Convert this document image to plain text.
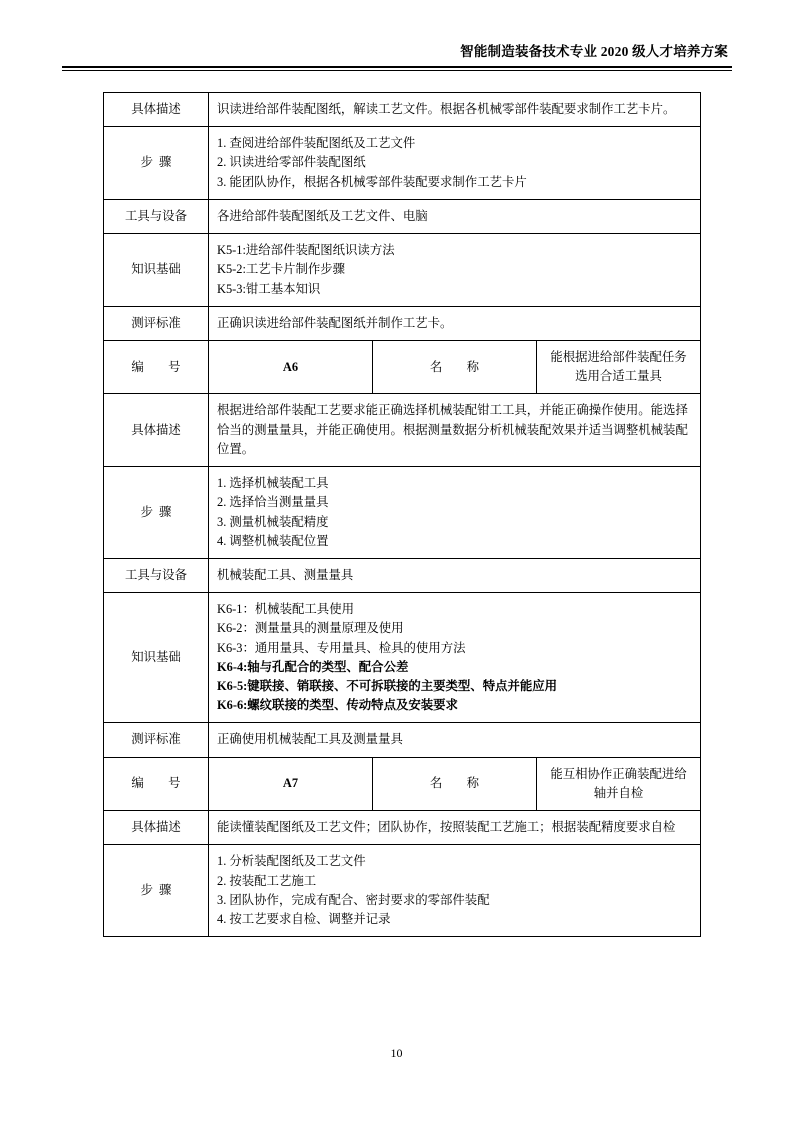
智能制造装备技术专业 2020 级人才培养方案
具体描述	识读进给部件装配图纸，解读工艺文件。根据各机械零部件装配要求制作工艺卡片。		

步骤	1. 查阅进给部件装配图纸及工艺文件
2. 识读进给零部件装配图纸
3. 能团队协作，根据各机械零部件装配要求制作工艺卡片		

工具与设备	各进给部件装配图纸及工艺文件、电脑		

知识基础	K5-1:进给部件装配图纸识读方法
K5-2:工艺卡片制作步骤
K5-3:钳工基本知识		

测评标准	正确识读进给部件装配图纸并制作工艺卡。		

编　号	A6	名　称	能根据进给部件装配任务选用合适工量具
具体描述	根据进给部件装配工艺要求能正确选择机械装配钳工工具，并能正确操作使用。能选择恰当的测量量具，并能正确使用。根据测量数据分析机械装配效果并适当调整机械装配位置。		

步骤	1. 选择机械装配工具
2. 选择恰当测量量具
3. 测量机械装配精度
4. 调整机械装配位置		

工具与设备	机械装配工具、测量量具		

知识基础	
K6-1：机械装配工具使用
K6-2：测量量具的测量原理及使用
K6-3：通用量具、专用量具、检具的使用方法
K6-4:轴与孔配合的类型、配合公差
K6-5:键联接、销联接、不可拆联接的主要类型、特点并能应用
K6-6:螺纹联接的类型、传动特点及安装要求

测评标准	正确使用机械装配工具及测量量具		

编　号	A7	名　称	能互相协作正确装配进给轴并自检
具体描述	能读懂装配图纸及工艺文件；团队协作，按照装配工艺施工；根据装配精度要求自检		

步骤	1. 分析装配图纸及工艺文件
2. 按装配工艺施工
3. 团队协作，完成有配合、密封要求的零部件装配
4. 按工艺要求自检、调整并记录		
10
